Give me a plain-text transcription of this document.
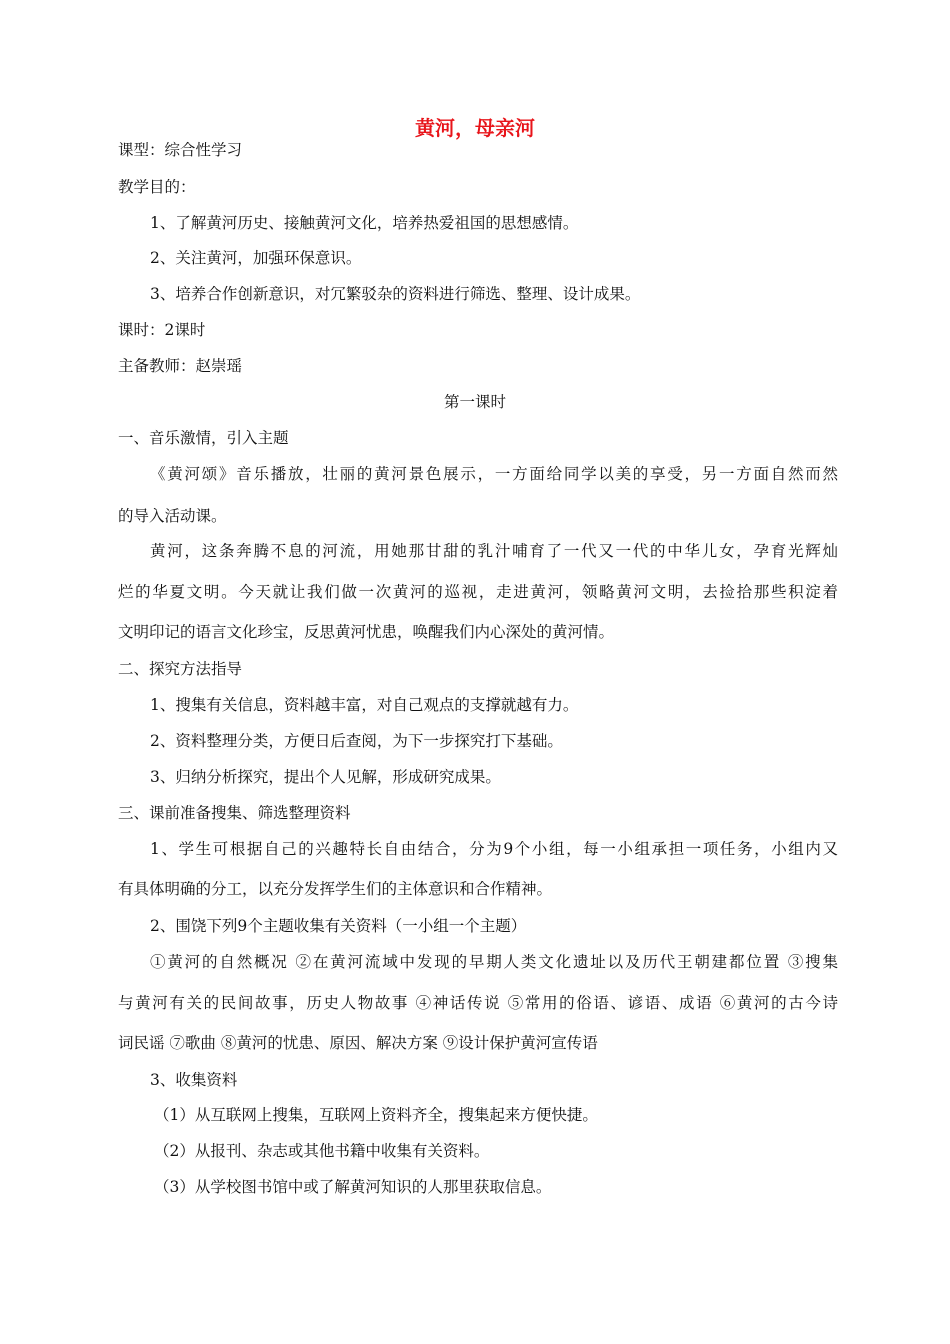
黄河，母亲河
课型：综合性学习
教学目的：
1、了解黄河历史、接触黄河文化，培养热爱祖国的思想感情。
2、关注黄河，加强环保意识。
3、培养合作创新意识，对冗繁驳杂的资料进行筛选、整理、设计成果。
课时：2课时
主备教师：赵崇瑶
第一课时
一、音乐激情，引入主题
《黄河颂》音乐播放，壮丽的黄河景色展示，一方面给同学以美的享受，另一方面自然而然
的导入活动课。
黄河，这条奔腾不息的河流，用她那甘甜的乳汁哺育了一代又一代的中华儿女，孕育光辉灿
烂的华夏文明。今天就让我们做一次黄河的巡视，走进黄河，领略黄河文明，去捡拾那些积淀着
文明印记的语言文化珍宝，反思黄河忧患，唤醒我们内心深处的黄河情。
二、探究方法指导
1、搜集有关信息，资料越丰富，对自己观点的支撑就越有力。
2、资料整理分类，方便日后查阅，为下一步探究打下基础。
3、归纳分析探究，提出个人见解，形成研究成果。
三、课前准备搜集、筛选整理资料
1、学生可根据自己的兴趣特长自由结合，分为9个小组，每一小组承担一项任务，小组内又
有具体明确的分工，以充分发挥学生们的主体意识和合作精神。
2、围饶下列9个主题收集有关资料（一小组一个主题）
①黄河的自然概况 ②在黄河流域中发现的早期人类文化遗址以及历代王朝建都位置 ③搜集
与黄河有关的民间故事，历史人物故事 ④神话传说 ⑤常用的俗语、谚语、成语 ⑥黄河的古今诗
词民谣 ⑦歌曲 ⑧黄河的忧患、原因、解决方案 ⑨设计保护黄河宣传语
3、收集资料
（1）从互联网上搜集，互联网上资料齐全，搜集起来方便快捷。
（2）从报刊、杂志或其他书籍中收集有关资料。
（3）从学校图书馆中或了解黄河知识的人那里获取信息。
